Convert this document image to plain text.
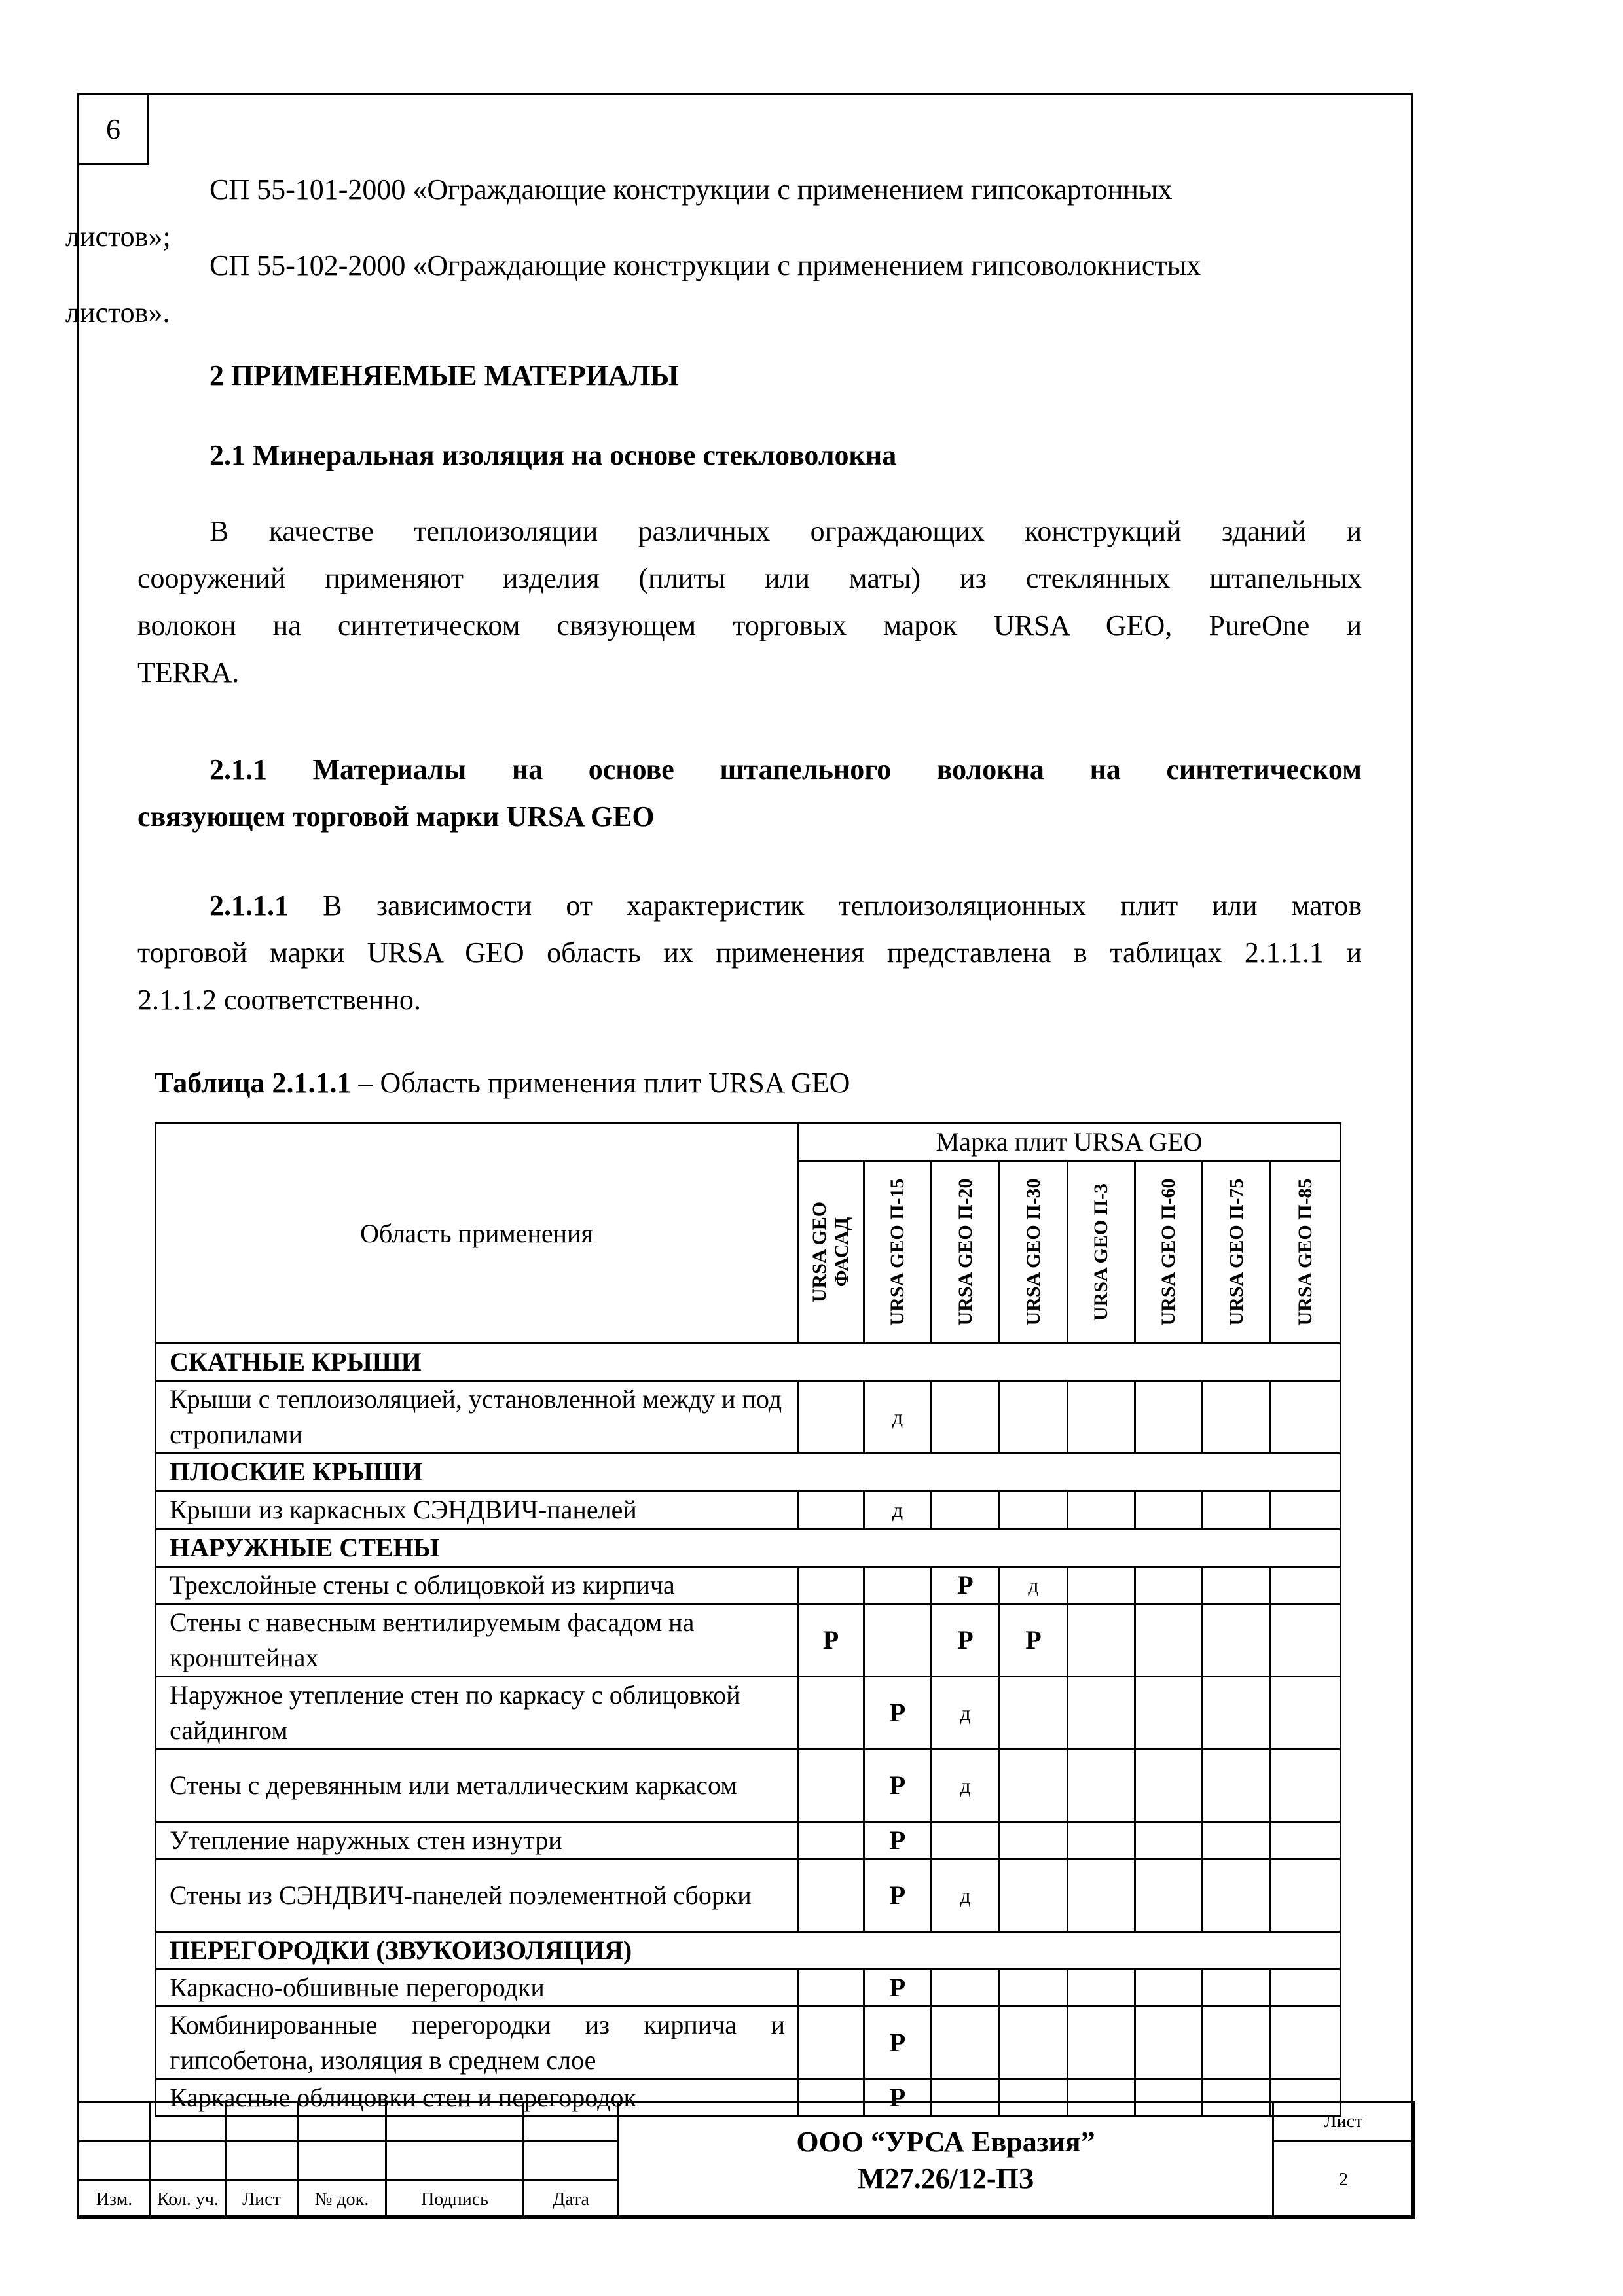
6

СП 55-101-2000 «Ограждающие конструкции с применением гипсокартонных
листов»;

СП 55-102-2000 «Ограждающие конструкции с применением гипсоволокнистых
листов».

2 ПРИМЕНЯЕМЫЕ МАТЕРИАЛЫ

2.1 Минеральная изоляция на основе стекловолокна

В качестве теплоизоляции различных ограждающих конструкций зданий и
сооружений применяют изделия (плиты или маты) из стеклянных штапельных
волокон на синтетическом связующем торговых марок URSA GEO, PureOne и
TERRA.
2.1.1 Материалы на основе штапельного волокна на синтетическом
связующем торговой марки URSA GEO
2.1.1.1 В зависимости от характеристик теплоизоляционных плит или матов
торговой марки URSA GEO область их применения представлена в таблицах 2.1.1.1 и
2.1.1.2 соответственно.
Таблица 2.1.1.1 – Область применения плит URSA GEO
Область применения	Марка плит URSA GEO							

	URSA GEO ФАСАД	URSA GEO П-15	URSA GEO П-20	URSA GEO П-30	URSA GEO П-3	URSA GEO П-60	URSA GEO П-75	URSA GEO П-85

СКАТНЫЕ КРЫШИ								
Крыши с теплоизоляцией, установленной между и под стропилами		д						
ПЛОСКИЕ КРЫШИ								
Крыши из каркасных СЭНДВИЧ-панелей		д						
НАРУЖНЫЕ СТЕНЫ								
Трехслойные стены с облицовкой из кирпича			Р	д				
Стены с навесным вентилируемым фасадом на кронштейнах	Р		Р	Р				
Наружное утепление стен по каркасу с облицовкой сайдингом		Р	д					
Стены с деревянным или металлическим каркасом		Р	д					
Утепление наружных стен изнутри		Р						
Стены из СЭНДВИЧ-панелей поэлементной сборки		Р	д					
ПЕРЕГОРОДКИ (ЗВУКОИЗОЛЯЦИЯ)								
Каркасно-обшивные перегородки		Р						
Комбинированные перегородки из кирпича и гипсобетона, изоляция в среднем слое		Р						
Каркасные облицовки стен и перегородок		Р						

						ООО “УРСА Евразия”
М27.26/12-ПЗ	Лист
							2
Изм.	Кол. уч.	Лист	№ док.	Подпись	Дата		
